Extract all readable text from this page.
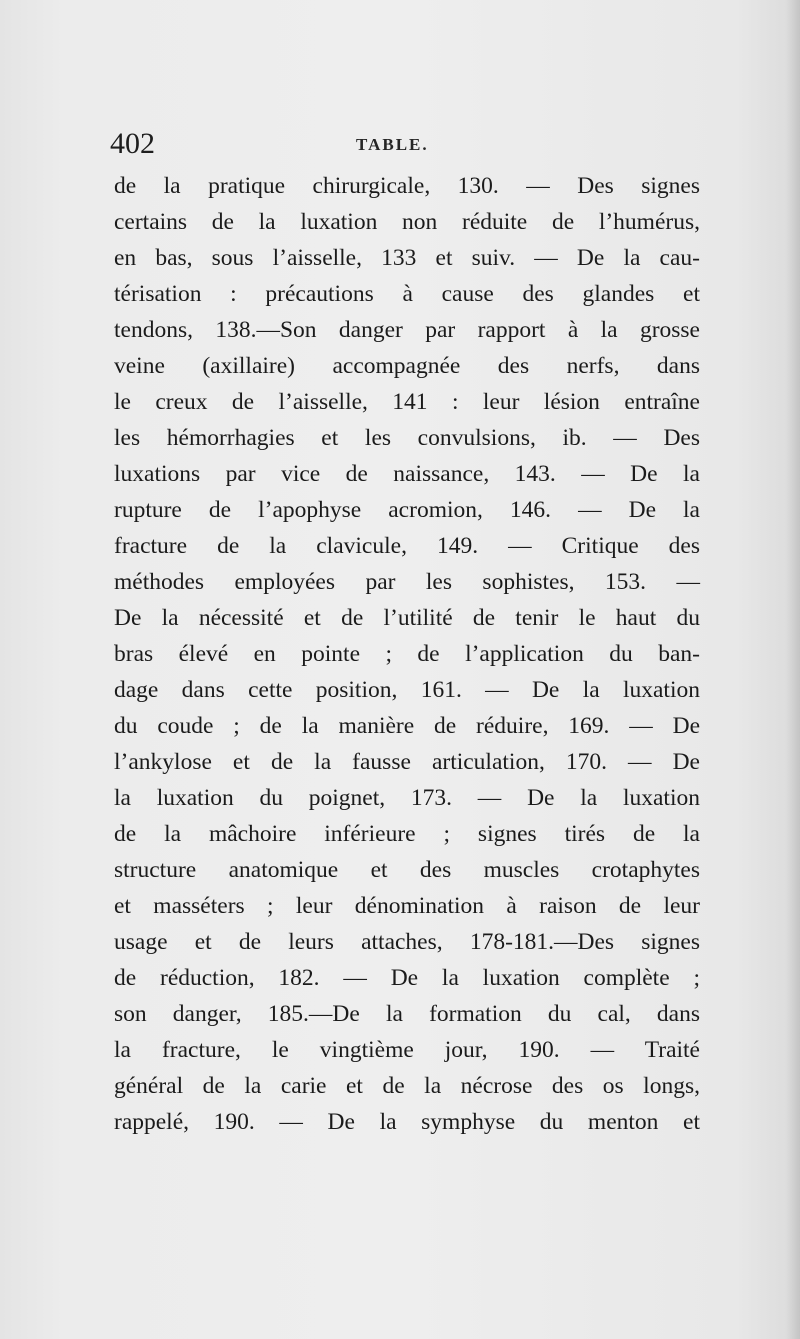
402	TABLE.
de la pratique chirurgicale, 130. — Des signes
certains de la luxation non réduite de l’humérus,
en bas, sous l’aisselle, 133 et suiv. — De la cau-
térisation : précautions à cause des glandes et
tendons, 138.—Son danger par rapport à la grosse
veine (axillaire) accompagnée des nerfs, dans
le creux de l’aisselle, 141 : leur lésion entraîne
les hémorrhagies et les convulsions, ib. — Des
luxations par vice de naissance, 143. — De la
rupture de l’apophyse acromion, 146. — De la
fracture de la clavicule, 149. — Critique des
méthodes employées par les sophistes, 153. —
De la nécessité et de l’utilité de tenir le haut du
bras élevé en pointe ; de l’application du ban-
dage dans cette position, 161. — De la luxation
du coude ; de la manière de réduire, 169. — De
l’ankylose et de la fausse articulation, 170. — De
la luxation du poignet, 173. — De la luxation
de la mâchoire inférieure ; signes tirés de la
structure anatomique et des muscles crotaphytes
et masséters ; leur dénomination à raison de leur
usage et de leurs attaches, 178-181.—Des signes
de réduction, 182. — De la luxation complète ;
son danger, 185.—De la formation du cal, dans
la fracture, le vingtième jour, 190. — Traité
général de la carie et de la nécrose des os longs,
rappelé, 190. — De la symphyse du menton et
